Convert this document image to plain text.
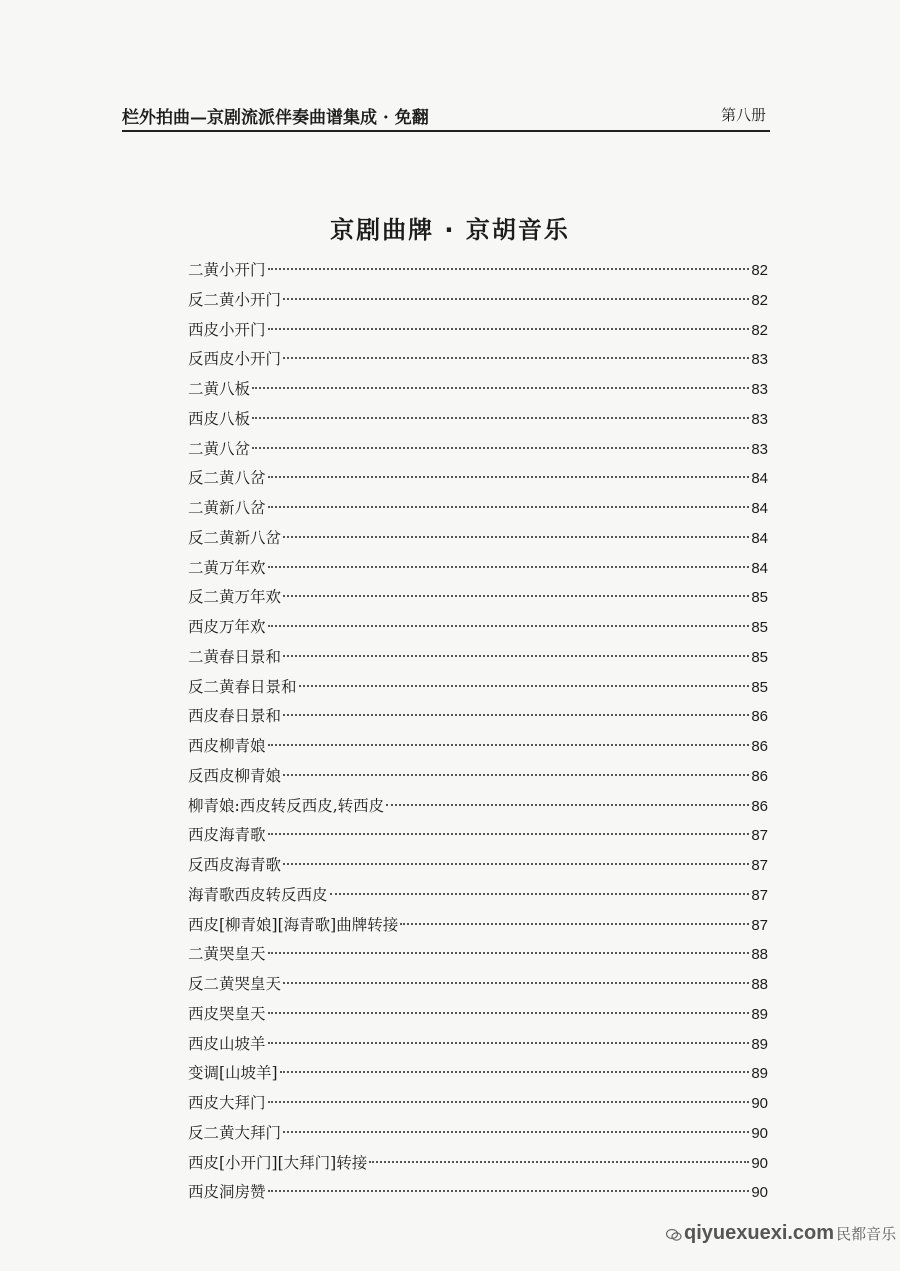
栏外拍曲—京剧流派伴奏曲谱集成 · 免翻	第八册
京剧曲牌 · 京胡音乐
二黄小开门	82
反二黄小开门	82
西皮小开门	82
反西皮小开门	83
二黄八板	83
西皮八板	83
二黄八岔	83
反二黄八岔	84
二黄新八岔	84
反二黄新八岔	84
二黄万年欢	84
反二黄万年欢	85
西皮万年欢	85
二黄春日景和	85
反二黄春日景和	85
西皮春日景和	86
西皮柳青娘	86
反西皮柳青娘	86
柳青娘:西皮转反西皮,转西皮	86
西皮海青歌	87
反西皮海青歌	87
海青歌西皮转反西皮	87
西皮[柳青娘][海青歌]曲牌转接	87
二黄哭皇天	88
反二黄哭皇天	88
西皮哭皇天	89
西皮山坡羊	89
变调[山坡羊]	89
西皮大拜门	90
反二黄大拜门	90
西皮[小开门][大拜门]转接	90
西皮洞房赞	90
qiyuexuexi.com 民都音乐
